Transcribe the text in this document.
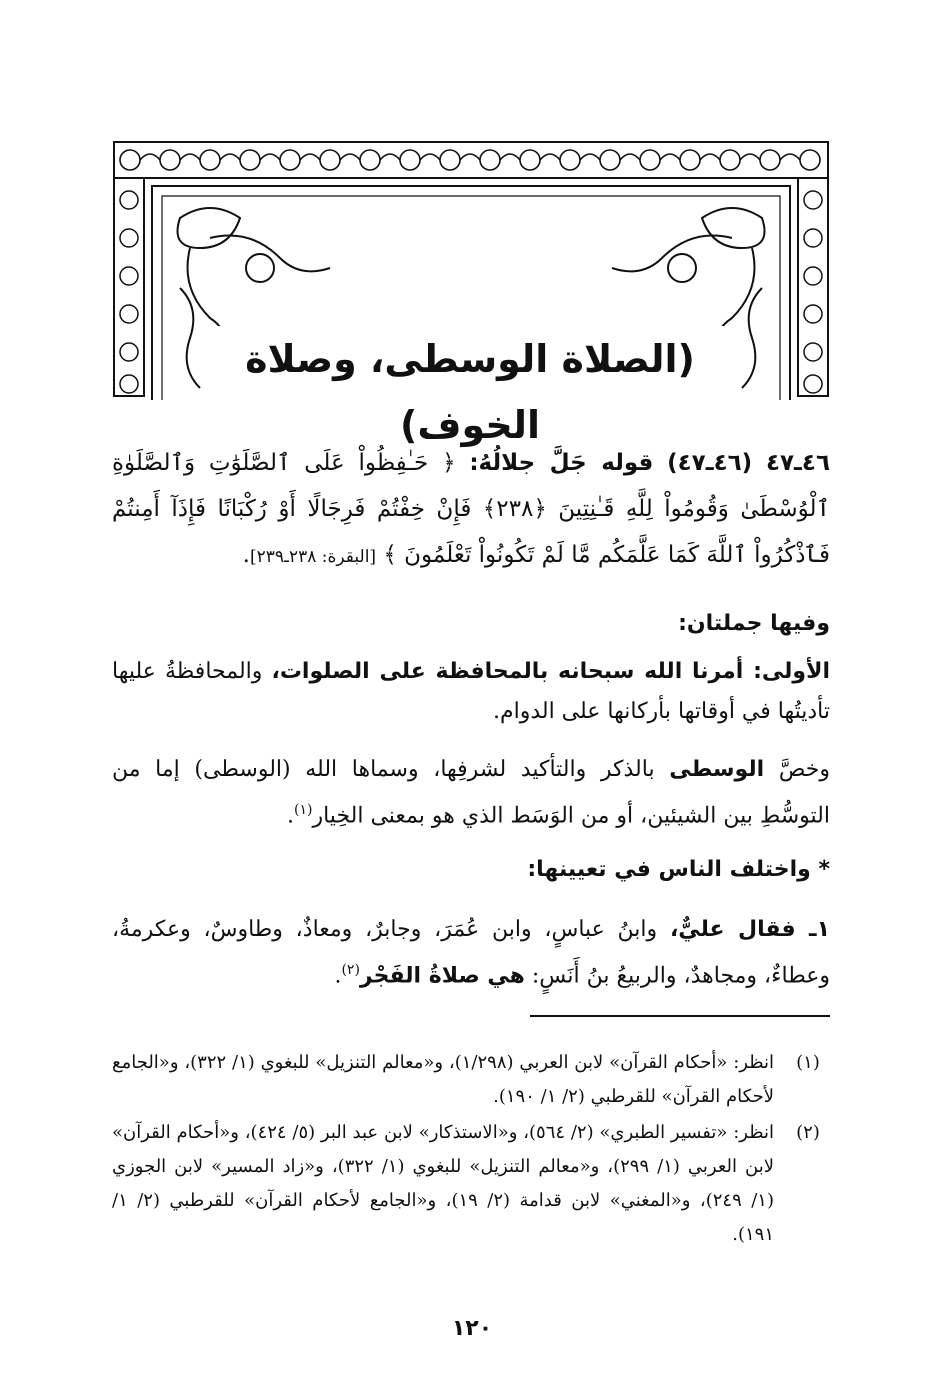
(الصلاة الوسطى، وصلاة الخوف)
٤٦ـ٤٧ (٤٦ـ٤٧) قوله جَلَّ جلالُهُ: ﴿ حَـٰفِظُواْ عَلَى ٱلصَّلَوَٰتِ وَٱلصَّلَوٰةِ ٱلْوُسْطَىٰ وَقُومُواْ لِلَّهِ قَـٰنِتِينَ ﴿٢٣٨﴾ فَإِنْ خِفْتُمْ فَرِجَالًا أَوْ رُكْبَانًا فَإِذَآ أَمِنتُمْ فَٱذْكُرُواْ ٱللَّهَ كَمَا عَلَّمَكُم مَّا لَمْ تَكُونُواْ تَعْلَمُونَ ﴾ [البقرة: ٢٣٨ـ٢٣٩].
وفيها جملتان:
الأولى: أمرنا الله سبحانه بالمحافظة على الصلوات، والمحافظةُ عليها تأديتُها في أوقاتها بأركانها على الدوام.
وخصَّ الوسطى بالذكر والتأكيد لشرفِها، وسماها الله (الوسطى) إما من التوسُّطِ بين الشيئين، أو من الوَسَط الذي هو بمعنى الخِيار$^{(١)}$.
* واختلف الناس في تعيينها:
١ـ فقال عليٌّ، وابنُ عباسٍ، وابن عُمَرَ، وجابرٌ، ومعاذٌ، وطاوسٌ، وعكرمةُ، وعطاءٌ، ومجاهدٌ، والربيعُ بنُ أَنَسٍ: هي صلاةُ الفَجْر$^{(٢)}$.
(١)
انظر: «أحكام القرآن» لابن العربي (١/٢٩٨)، و«معالم التنزيل» للبغوي (١/ ٣٢٢)، و«الجامع لأحكام القرآن» للقرطبي (٢/ ١/ ١٩٠).
(٢)
انظر: «تفسير الطبري» (٢/ ٥٦٤)، و«الاستذكار» لابن عبد البر (٥/ ٤٢٤)، و«أحكام القرآن» لابن العربي (١/ ٢٩٩)، و«معالم التنزيل» للبغوي (١/ ٣٢٢)، و«زاد المسير» لابن الجوزي (١/ ٢٤٩)، و«المغني» لابن قدامة (٢/ ١٩)، و«الجامع لأحكام القرآن» للقرطبي (٢/ ١/ ١٩١).
١٢٠
